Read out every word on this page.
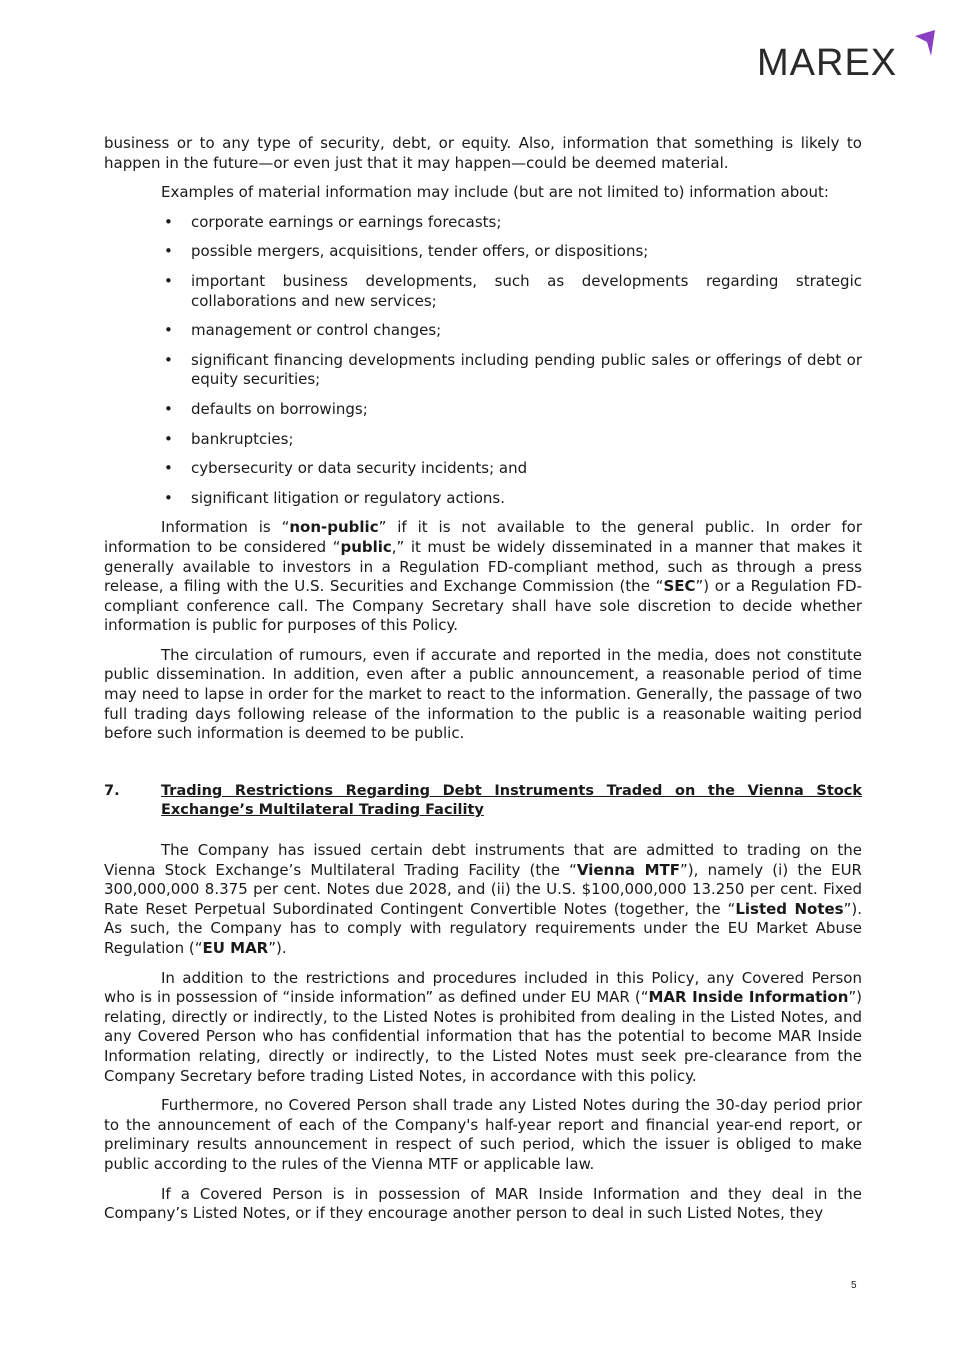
MAREX

business or to any type of security, debt, or equity. Also, information that something is likely to happen in the future—or even just that it may happen—could be deemed material.

Examples of material information may include (but are not limited to) information about:

• corporate earnings or earnings forecasts;
• possible mergers, acquisitions, tender offers, or dispositions;
• important business developments, such as developments regarding strategic collaborations and new services;
• management or control changes;
• significant financing developments including pending public sales or offerings of debt or equity securities;
• defaults on borrowings;
• bankruptcies;
• cybersecurity or data security incidents; and
• significant litigation or regulatory actions.

Information is “non-public” if it is not available to the general public. In order for information to be considered “public,” it must be widely disseminated in a manner that makes it generally available to investors in a Regulation FD-compliant method, such as through a press release, a filing with the U.S. Securities and Exchange Commission (the “SEC”) or a Regulation FD-compliant conference call. The Company Secretary shall have sole discretion to decide whether information is public for purposes of this Policy.

The circulation of rumours, even if accurate and reported in the media, does not constitute public dissemination. In addition, even after a public announcement, a reasonable period of time may need to lapse in order for the market to react to the information. Generally, the passage of two full trading days following release of the information to the public is a reasonable waiting period before such information is deemed to be public.

7.	Trading Restrictions Regarding Debt Instruments Traded on the Vienna Stock Exchange’s Multilateral Trading Facility

The Company has issued certain debt instruments that are admitted to trading on the Vienna Stock Exchange’s Multilateral Trading Facility (the “Vienna MTF”), namely (i) the EUR 300,000,000 8.375 per cent. Notes due 2028, and (ii) the U.S. $100,000,000 13.250 per cent. Fixed Rate Reset Perpetual Subordinated Contingent Convertible Notes (together, the “Listed Notes”). As such, the Company has to comply with regulatory requirements under the EU Market Abuse Regulation (“EU MAR”).

In addition to the restrictions and procedures included in this Policy, any Covered Person who is in possession of “inside information” as defined under EU MAR (“MAR Inside Information”) relating, directly or indirectly, to the Listed Notes is prohibited from dealing in the Listed Notes, and any Covered Person who has confidential information that has the potential to become MAR Inside Information relating, directly or indirectly, to the Listed Notes must seek pre-clearance from the Company Secretary before trading Listed Notes, in accordance with this policy.

Furthermore, no Covered Person shall trade any Listed Notes during the 30-day period prior to the announcement of each of the Company's half-year report and financial year-end report, or preliminary results announcement in respect of such period, which the issuer is obliged to make public according to the rules of the Vienna MTF or applicable law.

If a Covered Person is in possession of MAR Inside Information and they deal in the Company’s Listed Notes, or if they encourage another person to deal in such Listed Notes, they

5
